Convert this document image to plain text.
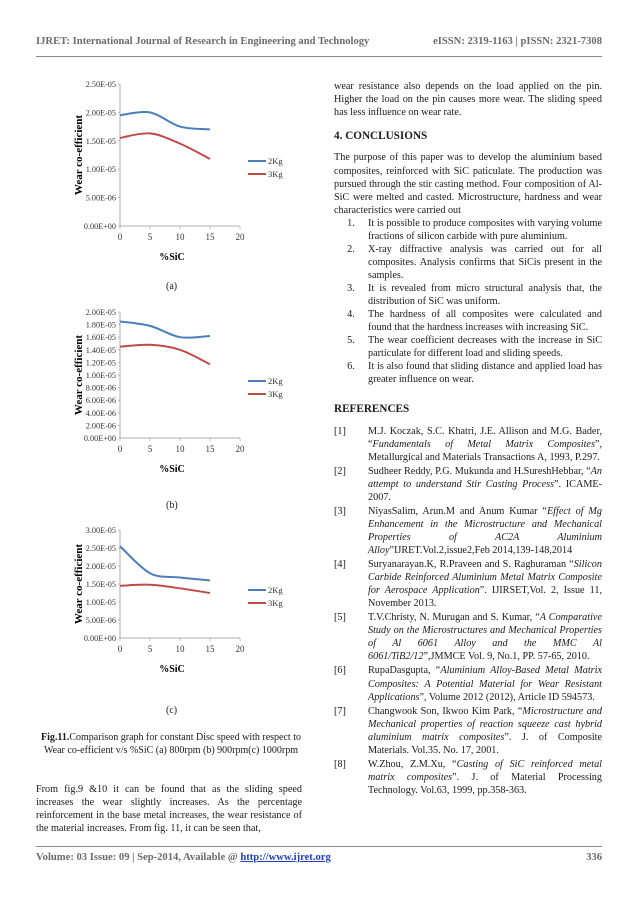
IJRET: International Journal of Research in Engineering and Technology	eISSN: 2319-1163 | pISSN: 2321-7308
Wear co-efficient
0.00E+00
5.00E-06
1.00E-05
1.50E-05
2.00E-05
2.50E-05
0	5	10 15 20
%SiC
2Kg
3Kg
(a)
Wear co-efficient
0.00E+00
2.00E-06
4.00E-06
6.00E-06
8.00E-06
1.00E-05
1.20E-05
1.40E-05
1.60E-05
1.80E-05
2.00E-05
0	5	10 15 20
%SiC
2Kg
3Kg
(b)
Wear co-efficient
0.00E+00
5.00E-06
1.00E-05
1.50E-05
2.00E-05
2.50E-05
3.00E-05
0	5	10 15 20
%SiC
2Kg
3Kg
(c)
Fig.11.Comparison graph for constant Disc speed with respect to Wear co-efficient v/s %SiC (a) 800rpm (b) 900rpm(c) 1000rpm
From fig.9 &10 it can be found that as the sliding speed increases the wear slightly increases. As the percentage reinforcement in the base metal increases, the wear resistance of the material increases. From fig. 11, it can be seen that,

wear resistance also depends on the load applied on the pin. Higher the load on the pin causes more wear. The sliding speed has less influence on wear rate.

4. CONCLUSIONS

The purpose of this paper was to develop the aluminium based composites, reinforced with SiC paticulate. The production was pursued through the stir casting method. Four composition of Al-SiC were melted and casted. Microstructure, hardness and wear characteristics were carried out

1.	It is possible to produce composites with varying volume fractions of silicon carbide with pure aluminium.
2.	X-ray diffractive analysis was carried out for all composites. Analysis confirms that SiCis present in the samples.
3.	It is revealed from micro structural analysis that, the distribution of SiC was uniform.
4.	The hardness of all composites were calculated and found that the hardness increases with increasing SiC.
5.	The wear coefficient decreases with the increase in SiC particulate for different load and sliding speeds.
6.	It is also found that sliding distance and applied load has greater influence on wear.
REFERENCES
[1]	M.J. Koczak, S.C. Khatri, J.E. Allison and M.G. Bader, “Fundamentals of Metal Matrix Composites”, Metallurgical and Materials Transactions A, 1993, P.297.
[2]	Sudheer Reddy, P.G. Mukunda and H.SureshHebbar, “An attempt to understand Stir Casting Process”. ICAME-2007.
[3]	NiyasSalim, Arun.M and Anum Kumar “Effect of Mg Enhancement in the Microstructure and Mechanical Properties of AC2A Aluminium Alloy”IJRET.Vol.2,issue2,Feb 2014,139-148,2014
[4]	Suryanarayan.K, R.Praveen and S. Raghuraman “Silicon Carbide Reinforced Aluminium Metal Matrix Composite for Aerospace Application”. IJIRSET,Vol. 2, Issue 11, November 2013.
[5]	T.V.Christy, N. Murugan and S. Kumar, “A Comparative Study on the Microstructures and Mechanical Properties of Al 6061 Alloy and the MMC Al 6061/TiB2/12”,JMMCE Vol. 9, No.1, PP. 57-65, 2010.
[6]	RupaDasgupta, “Aluminium Alloy-Based Metal Matrix Composites: A Potential Material for Wear Resistant Applications”, Volume 2012 (2012), Article ID 594573.
[7]	Changwook Son, Ikwoo Kim Park, “Microstructure and Mechanical properties of reaction squeeze cast hybrid aluminium matrix composites”. J. of Composite Materials. Vol.35. No. 17, 2001.
[8]	W.Zhou, Z.M.Xu, “Casting of SiC reinforced metal matrix composites”. J. of Material Processing Technology. Vol.63, 1999, pp.358-363.
Volume: 03 Issue: 09 | Sep-2014, Available @ http://www.ijret.org	336
